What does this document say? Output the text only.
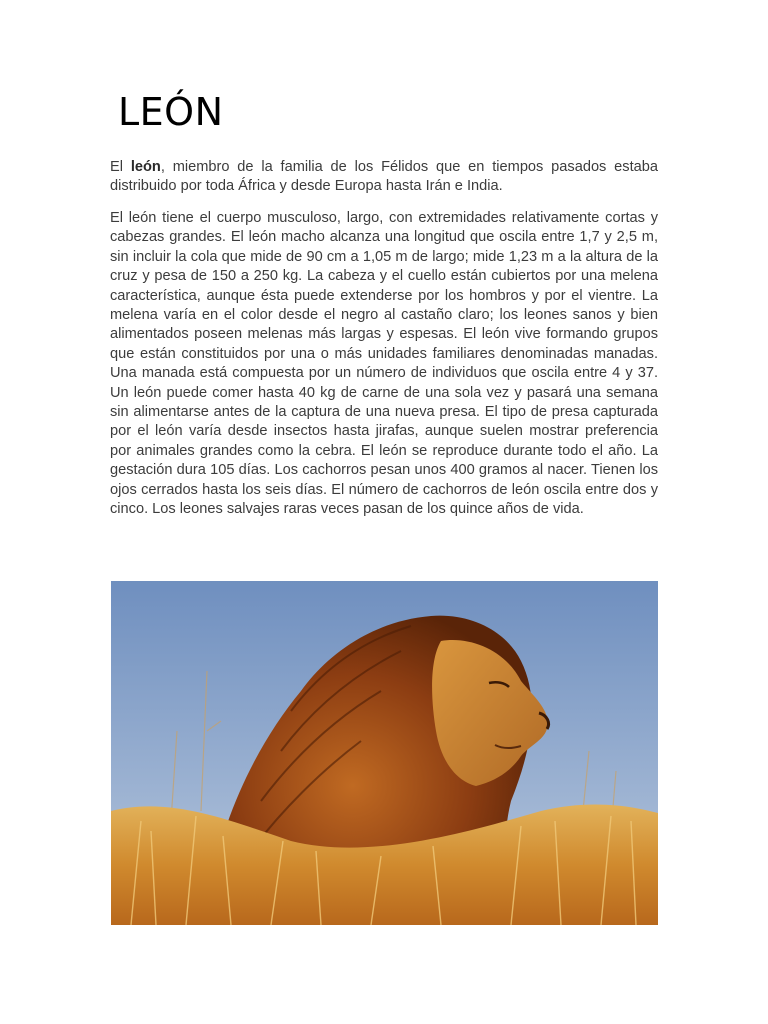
LEÓN

El león, miembro de la familia de los Félidos que en tiempos pasados estaba distribuido por toda África y desde Europa hasta Irán e India.

El león tiene el cuerpo musculoso, largo, con extremidades relativamente cortas y cabezas grandes. El león macho alcanza una longitud que oscila entre 1,7 y 2,5 m, sin incluir la cola que mide de 90 cm a 1,05 m de largo; mide 1,23 m a la altura de la cruz y pesa de 150 a 250 kg. La cabeza y el cuello están cubiertos por una melena característica, aunque ésta puede extenderse por los hombros y por el vientre. La melena varía en el color desde el negro al castaño claro; los leones sanos y bien alimentados poseen melenas más largas y espesas. El león vive formando grupos que están constituidos por una o más unidades familiares denominadas manadas. Una manada está compuesta por un número de individuos que oscila entre 4 y 37. Un león puede comer hasta 40 kg de carne de una sola vez y pasará una semana sin alimentarse antes de la captura de una nueva presa. El tipo de presa capturada por el león varía desde insectos hasta jirafas, aunque suelen mostrar preferencia por animales grandes como la cebra. El león se reproduce durante todo el año. La gestación dura 105 días. Los cachorros pesan unos 400 gramos al nacer. Tienen los ojos cerrados hasta los seis días. El número de cachorros de león oscila entre dos y cinco. Los leones salvajes raras veces pasan de los quince años de vida.
